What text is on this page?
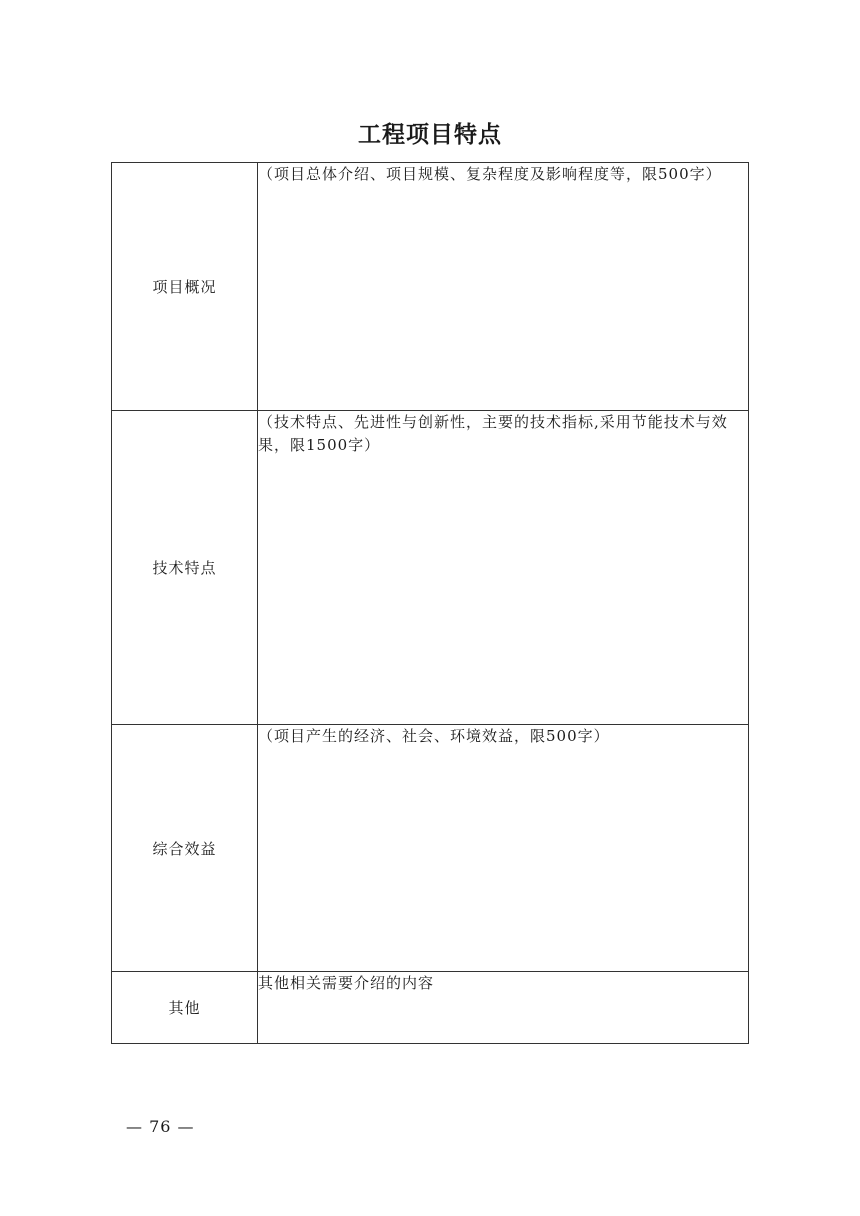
工程项目特点
项目概况	（项目总体介绍、项目规模、复杂程度及影响程度等，限500字）
技术特点	（技术特点、先进性与创新性，主要的技术指标,采用节能技术与效果，限1500字）
综合效益	（项目产生的经济、社会、环境效益，限500字）
其他	其他相关需要介绍的内容
— 76 —
